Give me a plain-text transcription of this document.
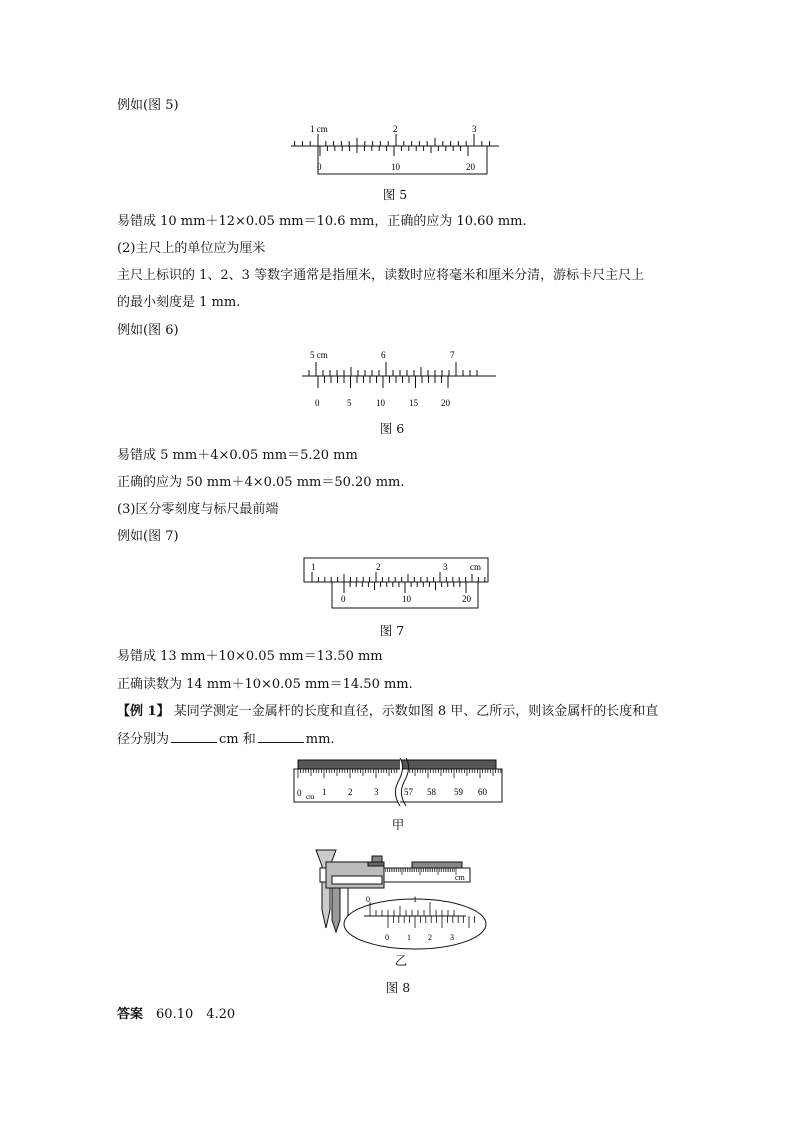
例如(图 5)
1 cm	2	3
0	10	20
图 5
易错成 10 mm＋12×0.05 mm＝10.6 mm，正确的应为 10.60 mm.
(2)主尺上的单位应为厘米
主尺上标识的 1、2、3 等数字通常是指厘米，读数时应将毫米和厘米分清，游标卡尺主尺上
的最小刻度是 1 mm.
例如(图 6)
5 cm	6	7
0	5	10	15	20
图 6
易错成 5 mm＋4×0.05 mm＝5.20 mm
正确的应为 50 mm＋4×0.05 mm＝50.20 mm.
(3)区分零刻度与标尺最前端
例如(图 7)
1	2	3	cm
0	10	20
图 7
易错成 13 mm＋10×0.05 mm＝13.50 mm
正确读数为 14 mm＋10×0.05 mm＝14.50 mm.
【例 1】 某同学测定一金属杆的长度和直径，示数如图 8 甲、乙所示，则该金属杆的长度和直
径分别为	cm 和	mm.
0 cm 1 2 3	57 58 59 60
甲
cm
0	1
0 1 2 3
乙
图 8
答案　 60.10　4.20
